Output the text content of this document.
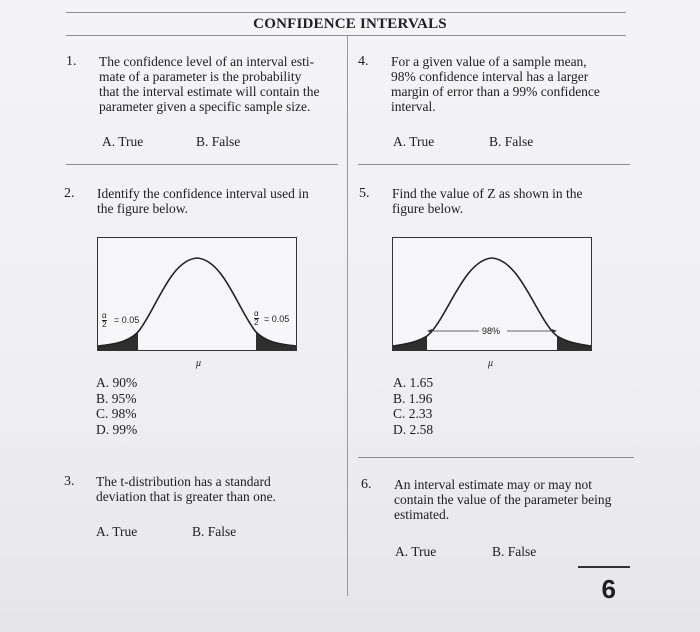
CONFIDENCE INTERVALS
1. The confidence level of an interval esti-
mate of a parameter is the probability
that the interval estimate will contain the
parameter given a specific sample size.
A. True	B. False
4. For a given value of a sample mean,
98% confidence interval has a larger
margin of error than a 99% confidence
interval.
A. True	B. False
2. Identify the confidence interval used in
the figure below.
$\frac{\alpha}{2} = 0.05$	$\frac{\alpha}{2} = 0.05$
μ
A. 90%
B. 95%
C. 98%
D. 99%
5. Find the value of Z as shown in the
figure below.
98%
μ
A. 1.65
B. 1.96
C. 2.33
D. 2.58
3. The t-distribution has a standard
deviation that is greater than one.
A. True	B. False
6. An interval estimate may or may not
contain the value of the parameter being
estimated.
A. True	B. False
6
